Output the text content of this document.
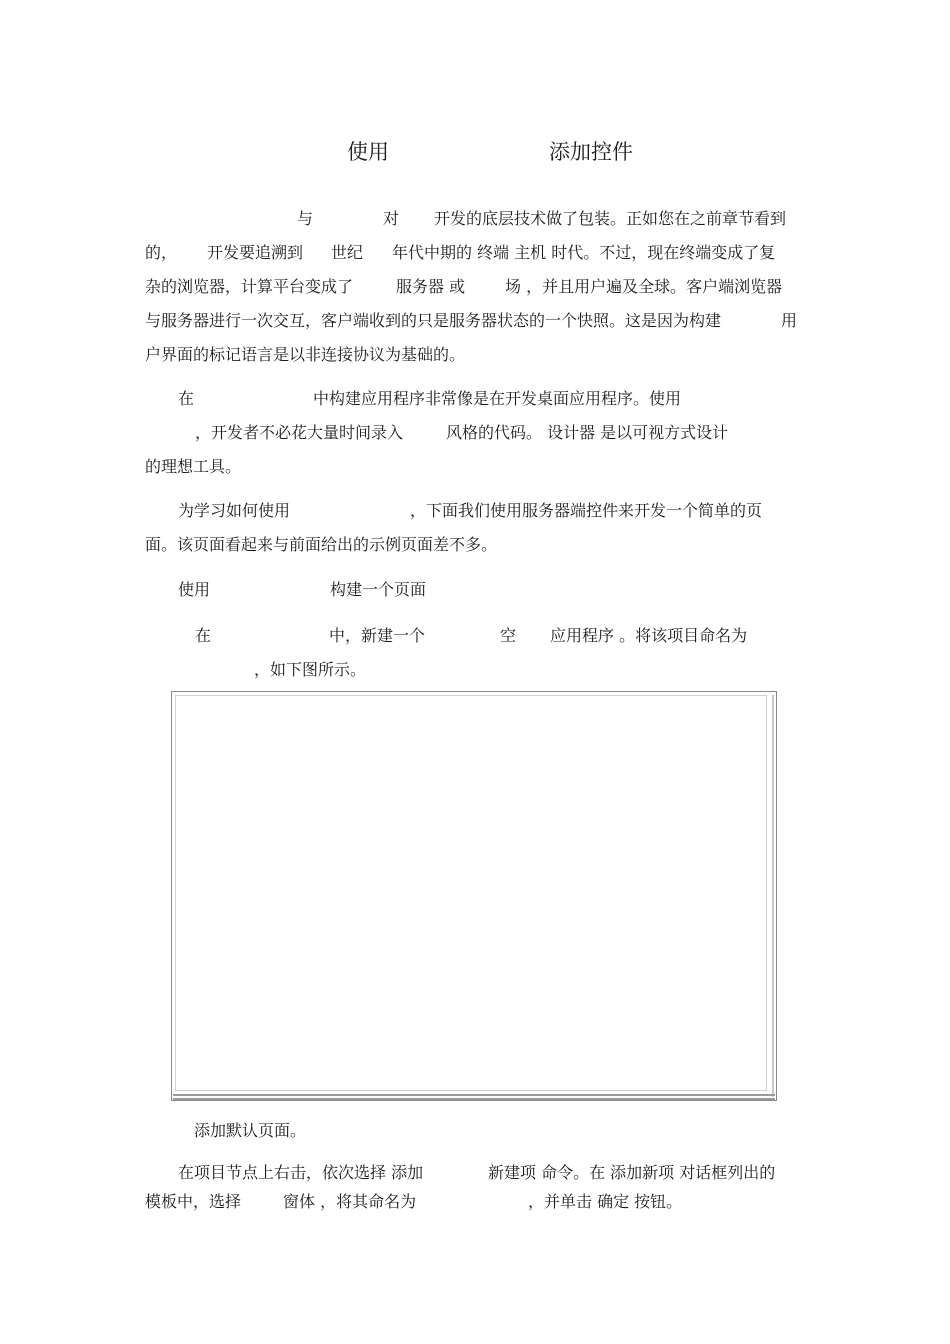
使用	添加控件
与	对 开发的底层技术做了包装。正如您在之前章节看到
的， 开发要追溯到 世纪 年代中期的 终端 主机 时代。不过，现在终端变成了复
杂的浏览器，计算平台变成了	服务器 或 场 ，并且用户遍及全球。客户端浏览器
与服务器进行一次交互，客户端收到的只是服务器状态的一个快照。这是因为构建	用
户界面的标记语言是以非连接协议为基础的。
在	中构建应用程序非常像是在开发桌面应用程序。使用
，开发者不必花大量时间录入	风格的代码。 设计器 是以可视方式设计
的理想工具。
为学习如何使用	，下面我们使用服务器端控件来开发一个简单的页
面。该页面看起来与前面给出的示例页面差不多。
使用	构建一个页面
在	中，新建一个	空 应用程序 。将该项目命名为
，如下图所示。
添加默认页面。
在项目节点上右击，依次选择 添加	新建项 命令。在 添加新项 对话框列出的
模板中，选择	窗体 ，将其命名为	，并单击 确定 按钮。
